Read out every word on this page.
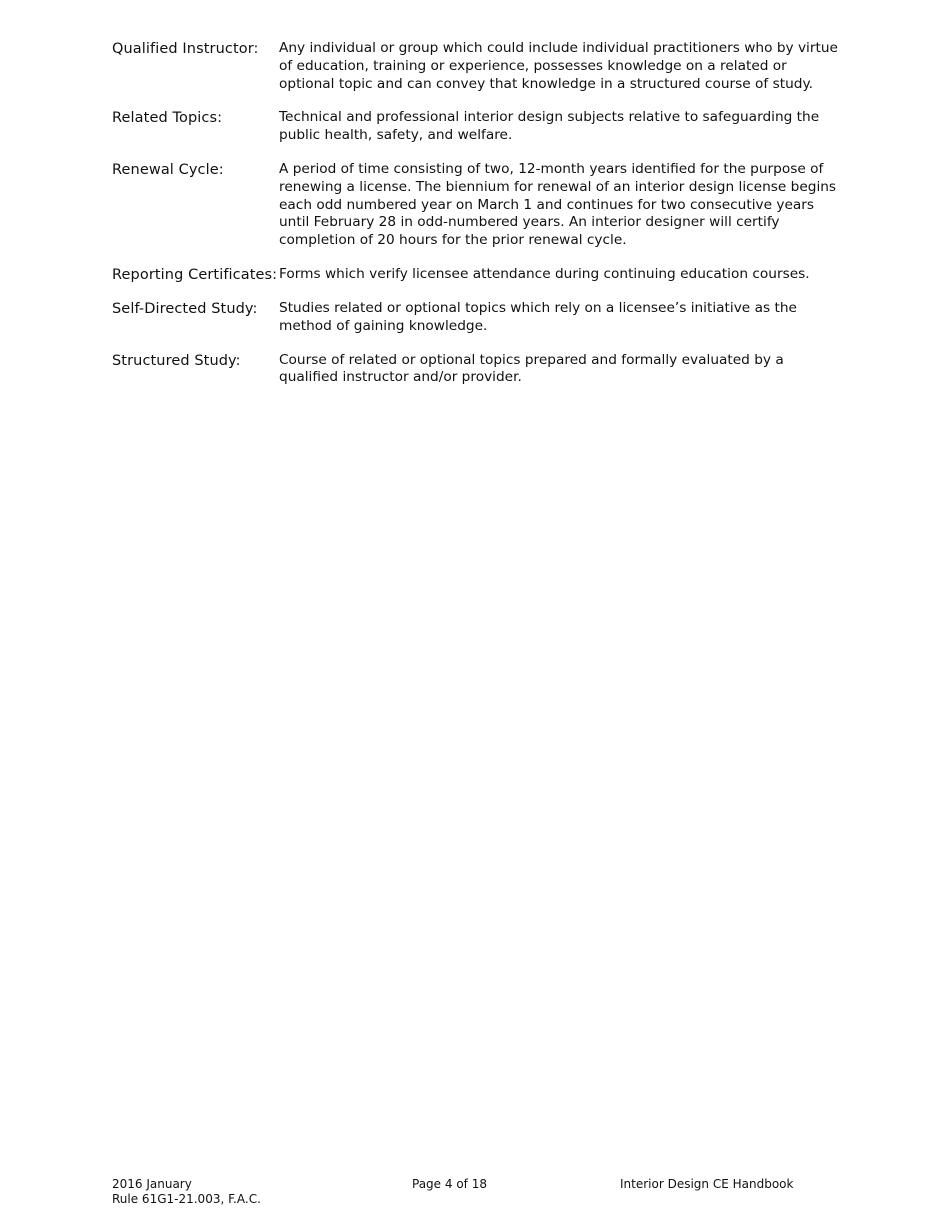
Qualified Instructor:	Any individual or group which could include individual practitioners who by virtue of education, training or experience, possesses knowledge on a related or optional topic and can convey that knowledge in a structured course of study.
Related Topics:	Technical and professional interior design subjects relative to safeguarding the public health, safety, and welfare.
Renewal Cycle:	A period of time consisting of two, 12-month years identified for the purpose of renewing a license. The biennium for renewal of an interior design license begins each odd numbered year on March 1 and continues for two consecutive years until February 28 in odd-numbered years. An interior designer will certify completion of 20 hours for the prior renewal cycle.
Reporting Certificates: Forms which verify licensee attendance during continuing education courses.
Self-Directed Study:	Studies related or optional topics which rely on a licensee’s initiative as the method of gaining knowledge.
Structured Study:	Course of related or optional topics prepared and formally evaluated by a qualified instructor and/or provider.
2016 January
Rule 61G1-21.003, F.A.C.
Page 4 of 18	Interior Design CE Handbook
